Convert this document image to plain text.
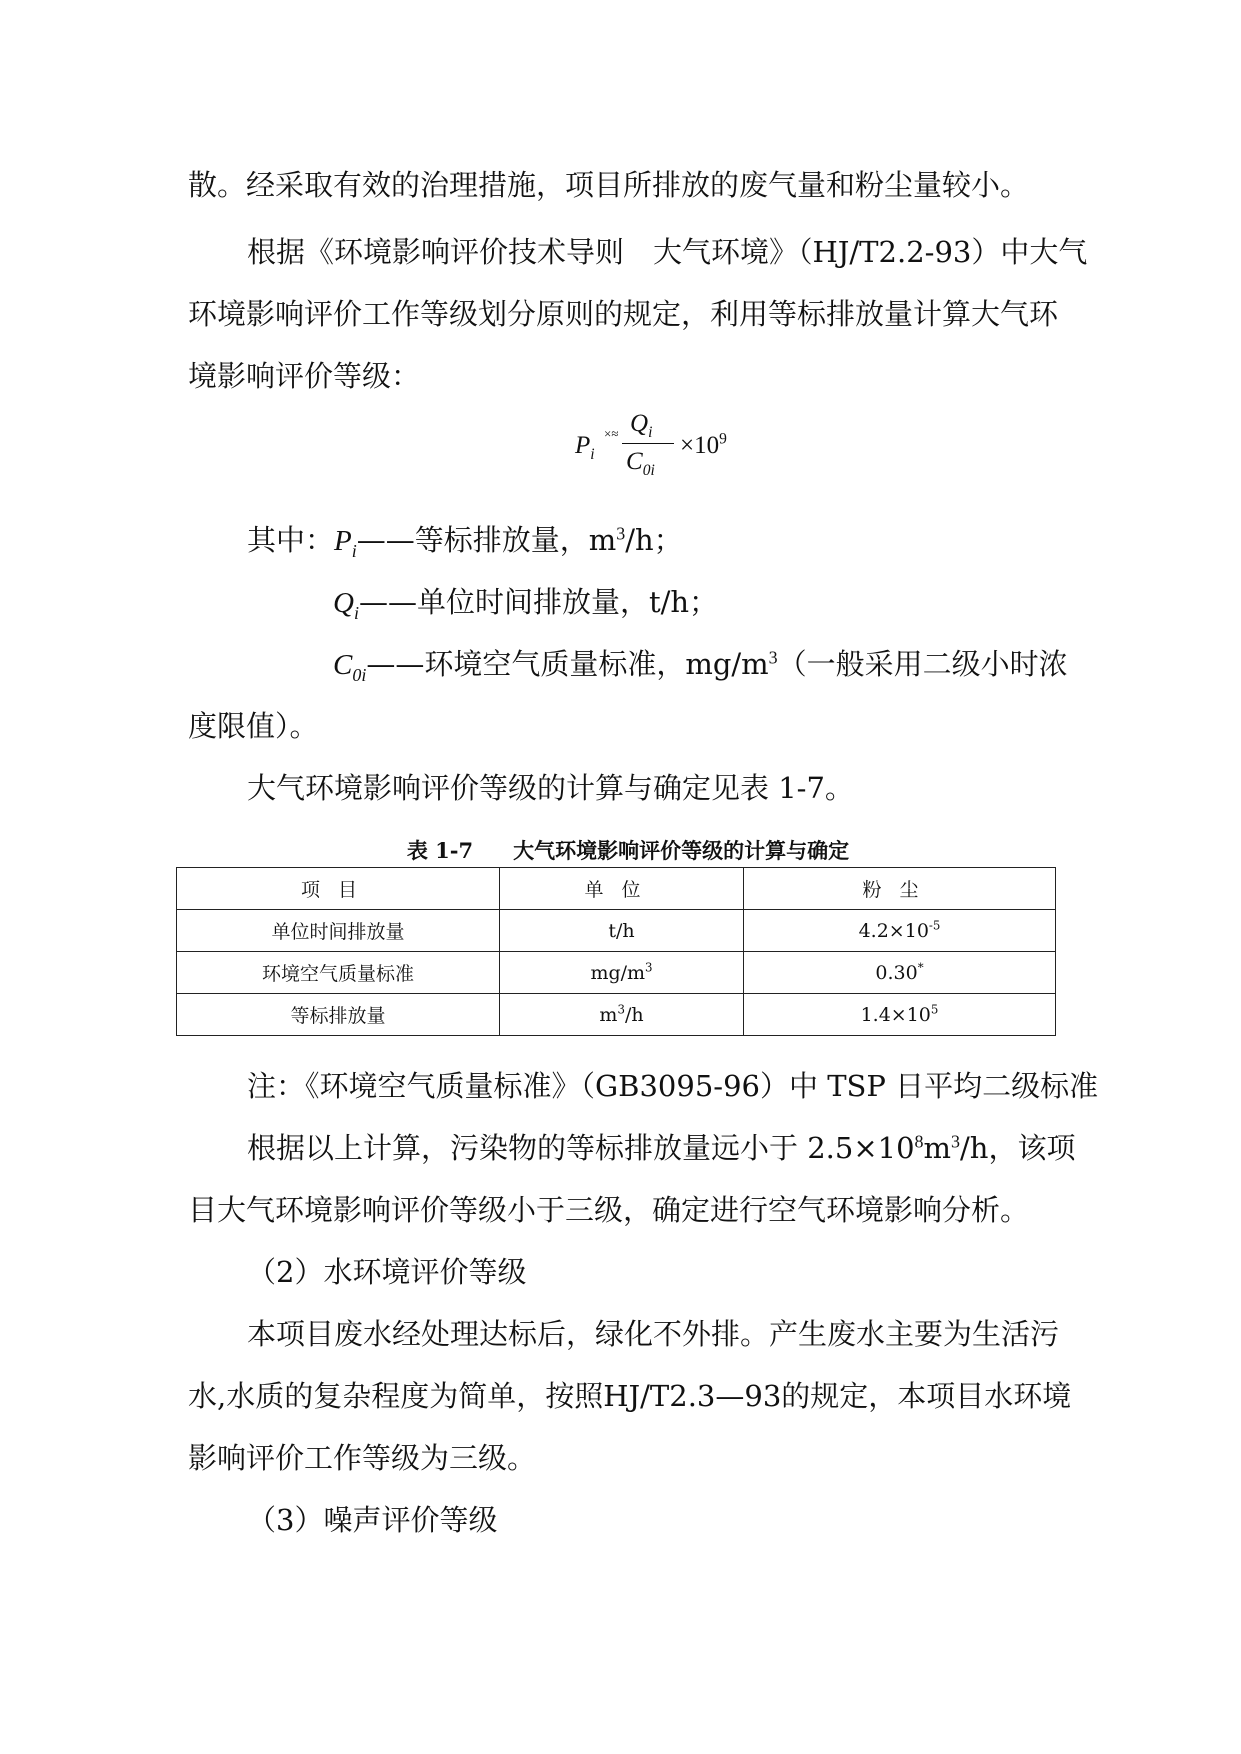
散。经采取有效的治理措施，项目所排放的废气量和粉尘量较小。
根据《环境影响评价技术导则　大气环境》（HJ/T2.2-93）中大气
环境影响评价工作等级划分原则的规定，利用等标排放量计算大气环
境影响评价等级：
$P_i$
×≈ $Q_i$
$C_{0i}$
$\times 10^9$
其中：$P_i——$等标排放量，$m^3/h$；
$Q_i——$单位时间排放量，t/h；
$C_{0i}——$环境空气质量标准，$mg/m^3$（一般采用二级小时浓
度限值）。
大气环境影响评价等级的计算与确定见表 1-7。
表 1-7 大气环境影响评价等级的计算与确定
项目	单位	粉尘
单位时间排放量	t/h	$4.2\times 10^{-5}$
环境空气质量标准	$mg/m^3$	0.30*
等标排放量	$m^3/h$	$1.4\times 10^5$
注：《环境空气质量标准》（GB3095-96）中 TSP 日平均二级标准
根据以上计算，污染物的等标排放量远小于 $2.5\times 10^8m^3/h$，该项
目大气环境影响评价等级小于三级，确定进行空气环境影响分析。
（2）水环境评价等级
本项目废水经处理达标后，绿化不外排。产生废水主要为生活污
水,水质的复杂程度为简单，按照HJ/T2.3—93的规定，本项目水环境
影响评价工作等级为三级。
（3）噪声评价等级
